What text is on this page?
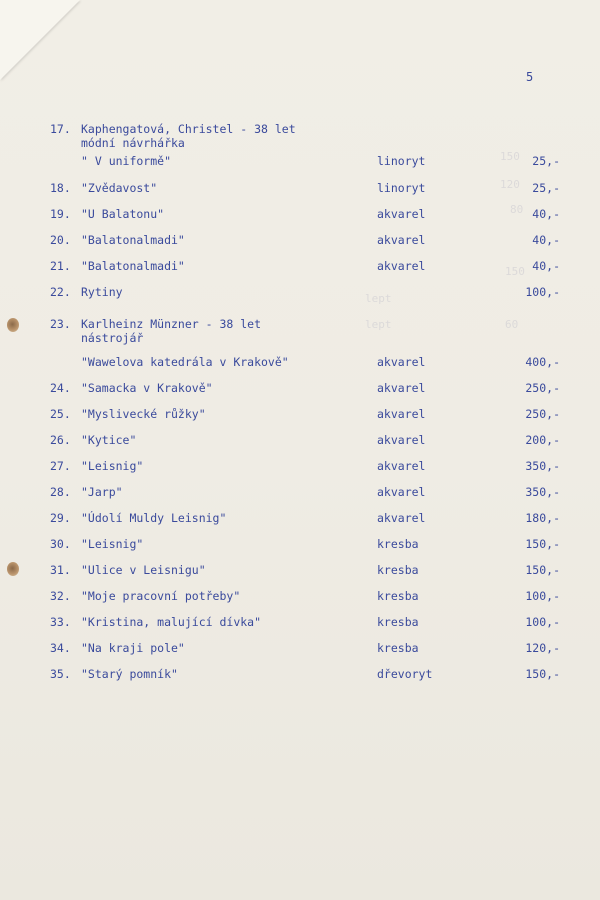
150
120
80
150
lept
lept	60
5
17. Kaphengatová, Christel - 38 let
módní návrhářka
" V uniformě"	linoryt	25,-
18. "Zvědavost"	linoryt	25,-
19. "U Balatonu"	akvarel	40,-
20. "Balatonalmadi"	akvarel	40,-
21. "Balatonalmadi"	akvarel	40,-
22. Rytiny	100,-
23. Karlheinz Münzner - 38 let
nástrojář
"Wawelova katedrála v Krakově"	akvarel	400,-
24. "Samacka v Krakově"	akvarel	250,-
25. "Myslivecké růžky"	akvarel	250,-
26. "Kytice"	akvarel	200,-
27. "Leisnig"	akvarel	350,-
28. "Jarp"	akvarel	350,-
29. "Údolí Muldy Leisnig"	akvarel	180,-
30. "Leisnig"	kresba	150,-
31. "Ulice v Leisnigu"	kresba	150,-
32. "Moje pracovní potřeby"	kresba	100,-
33. "Kristina, malující dívka"	kresba	100,-
34. "Na kraji pole"	kresba	120,-
35. "Starý pomník"	dřevoryt	150,-
